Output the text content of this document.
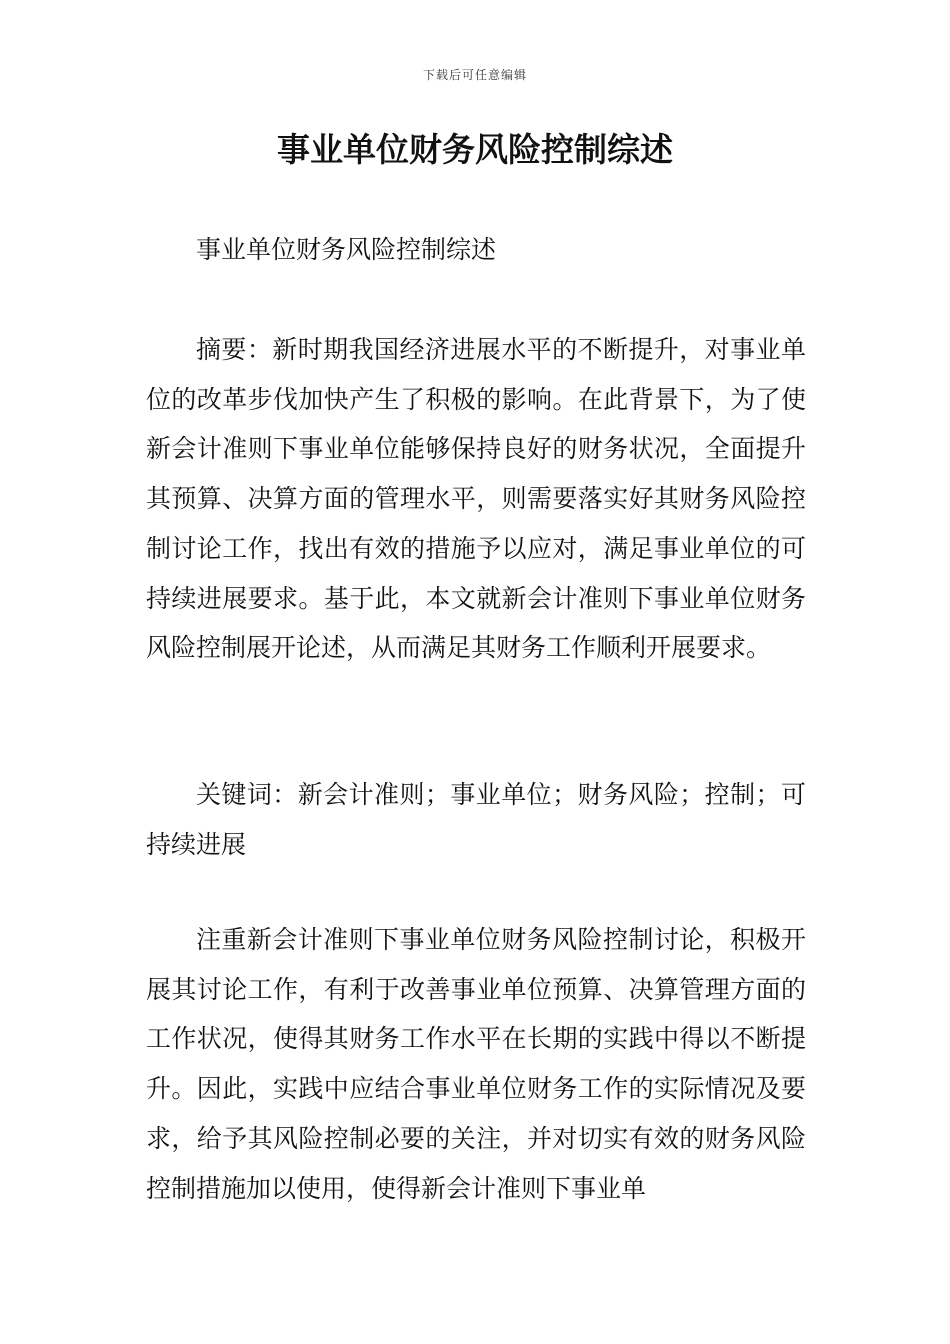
下载后可任意编辑
事业单位财务风险控制综述

事业单位财务风险控制综述

摘要：新时期我国经济进展水平的不断提升，对事业单位的改革步伐加快产生了积极的影响。在此背景下，为了使新会计准则下事业单位能够保持良好的财务状况，全面提升其预算、决算方面的管理水平，则需要落实好其财务风险控制讨论工作，找出有效的措施予以应对，满足事业单位的可持续进展要求。基于此，本文就新会计准则下事业单位财务风险控制展开论述，从而满足其财务工作顺利开展要求。

关键词：新会计准则；事业单位；财务风险；控制；可持续进展

注重新会计准则下事业单位财务风险控制讨论，积极开展其讨论工作，有利于改善事业单位预算、决算管理方面的工作状况，使得其财务工作水平在长期的实践中得以不断提升。因此，实践中应结合事业单位财务工作的实际情况及要求，给予其风险控制必要的关注，并对切实有效的财务风险控制措施加以使用，使得新会计准则下事业单
